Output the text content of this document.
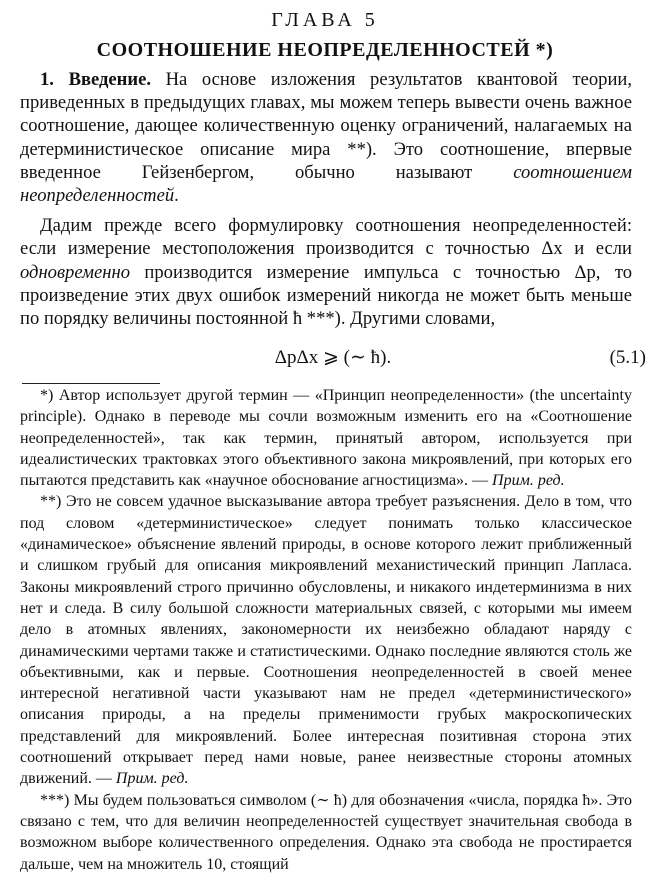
ГЛАВА 5
СООТНОШЕНИЕ НЕОПРЕДЕЛЕННОСТЕЙ *)

1. Введение. На основе изложения результатов квантовой теории, приведенных в предыдущих главах, мы можем теперь вывести очень важное соотношение, дающее количественную оценку ограничений, налагаемых на детерминистическое описание мира **). Это соотношение, впервые введенное Гейзенбергом, обычно называют соотношением неопределенностей.

Дадим прежде всего формулировку соотношения неопределенностей: если измерение местоположения производится с точностью Δx и если одновременно производится измерение импульса с точностью Δp, то произведение этих двух ошибок измерений никогда не может быть меньше по порядку величины постоянной ħ ***). Другими словами,

ΔpΔx ⩾ (∼ ħ).	(5.1)

*) Автор использует другой термин — «Принцип неопределенности» (the uncertainty principle). Однако в переводе мы сочли возможным изменить его на «Соотношение неопределенностей», так как термин, принятый автором, используется при идеалистических трактовках этого объективного закона микроявлений, при которых его пытаются представить как «научное обоснование агностицизма». — Прим. ред.

**) Это не совсем удачное высказывание автора требует разъяснения. Дело в том, что под словом «детерминистическое» следует понимать только классическое «динамическое» объяснение явлений природы, в основе которого лежит приближенный и слишком грубый для описания микроявлений механистический принцип Лапласа. Законы микроявлений строго причинно обусловлены, и никакого индетерминизма в них нет и следа. В силу большой сложности материальных связей, с которыми мы имеем дело в атомных явлениях, закономерности их неизбежно обладают наряду с динамическими чертами также и статистическими. Однако последние являются столь же объективными, как и первые. Соотношения неопределенностей в своей менее интересной негативной части указывают нам не предел «детерминистического» описания природы, а на пределы применимости грубых макроскопических представлений для микроявлений. Более интересная позитивная сторона этих соотношений открывает перед нами новые, ранее неизвестные стороны атомных движений. — Прим. ред.

***) Мы будем пользоваться символом (∼ ħ) для обозначения «числа, порядка ħ». Это связано с тем, что для величин неопределенностей существует значительная свобода в возможном выборе количественного определения. Однако эта свобода не простирается дальше, чем на множитель 10, стоящий
